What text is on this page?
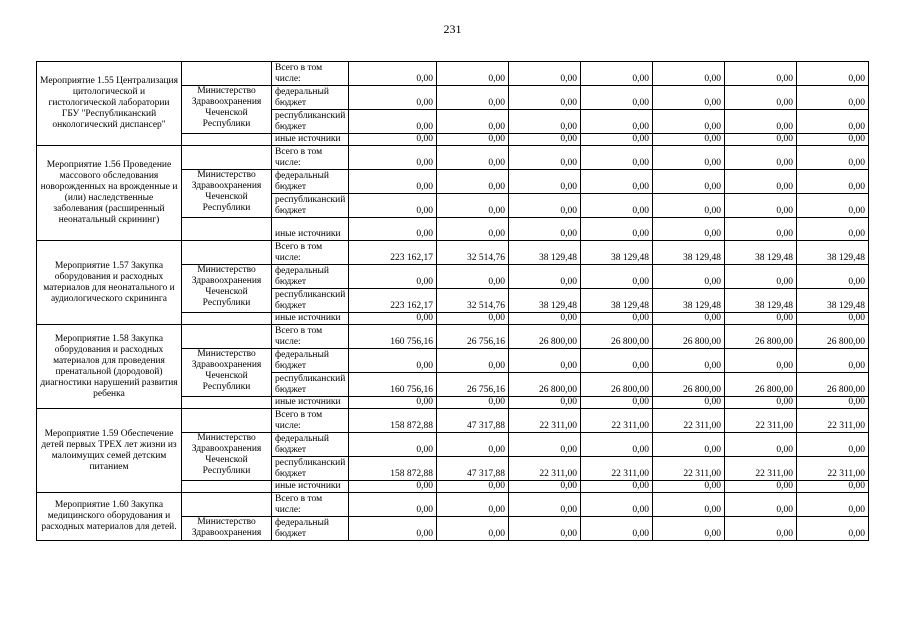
231
Мероприятие 1.55 Централизация цитологической и гистологической лаборатории ГБУ "Республиканский онкологический диспансер"		Всего в том числе:	0,00	0,00	0,00	0,00	0,00	0,00	0,00
	Министерство Здравоохранения Чеченской Республики	федеральный бюджет	0,00	0,00	0,00	0,00	0,00	0,00	0,00
		республиканский бюджет	0,00	0,00	0,00	0,00	0,00	0,00	0,00
		иные источники	0,00	0,00	0,00	0,00	0,00	0,00	0,00
Мероприятие 1.56 Проведение массового обследования новорожденных на врожденные и (или) наследственные заболевания (расширенный неонатальный скрининг)		Всего в том числе:	0,00	0,00	0,00	0,00	0,00	0,00	0,00
	Министерство Здравоохранения Чеченской Республики	федеральный бюджет	0,00	0,00	0,00	0,00	0,00	0,00	0,00
		республиканский бюджет	0,00	0,00	0,00	0,00	0,00	0,00	0,00
		иные источники	0,00	0,00	0,00	0,00	0,00	0,00	0,00
Мероприятие 1.57 Закупка оборудования и расходных материалов для неонатального и аудиологического скрининга		Всего в том числе:	223 162,17	32 514,76	38 129,48	38 129,48	38 129,48	38 129,48	38 129,48
	Министерство Здравоохранения Чеченской Республики	федеральный бюджет	0,00	0,00	0,00	0,00	0,00	0,00	0,00
		республиканский бюджет	223 162,17	32 514,76	38 129,48	38 129,48	38 129,48	38 129,48	38 129,48
		иные источники	0,00	0,00	0,00	0,00	0,00	0,00	0,00
Мероприятие 1.58 Закупка оборудования и расходных материалов для проведения пренатальной (дородовой) диагностики нарушений развития ребенка		Всего в том числе:	160 756,16	26 756,16	26 800,00	26 800,00	26 800,00	26 800,00	26 800,00
	Министерство Здравоохранения Чеченской Республики	федеральный бюджет	0,00	0,00	0,00	0,00	0,00	0,00	0,00
		республиканский бюджет	160 756,16	26 756,16	26 800,00	26 800,00	26 800,00	26 800,00	26 800,00
		иные источники	0,00	0,00	0,00	0,00	0,00	0,00	0,00
Мероприятие 1.59 Обеспечение детей первых ТРЕХ лет жизни из малоимущих семей детским питанием		Всего в том числе:	158 872,88	47 317,88	22 311,00	22 311,00	22 311,00	22 311,00	22 311,00
	Министерство Здравоохранения Чеченской Республики	федеральный бюджет	0,00	0,00	0,00	0,00	0,00	0,00	0,00
		республиканский бюджет	158 872,88	47 317,88	22 311,00	22 311,00	22 311,00	22 311,00	22 311,00
		иные источники	0,00	0,00	0,00	0,00	0,00	0,00	0,00
Мероприятие 1.60 Закупка медицинского оборудования и расходных материалов для детей.		Всего в том числе:	0,00	0,00	0,00	0,00	0,00	0,00	0,00
	Министерство Здравоохранения	федеральный бюджет	0,00	0,00	0,00	0,00	0,00	0,00	0,00
